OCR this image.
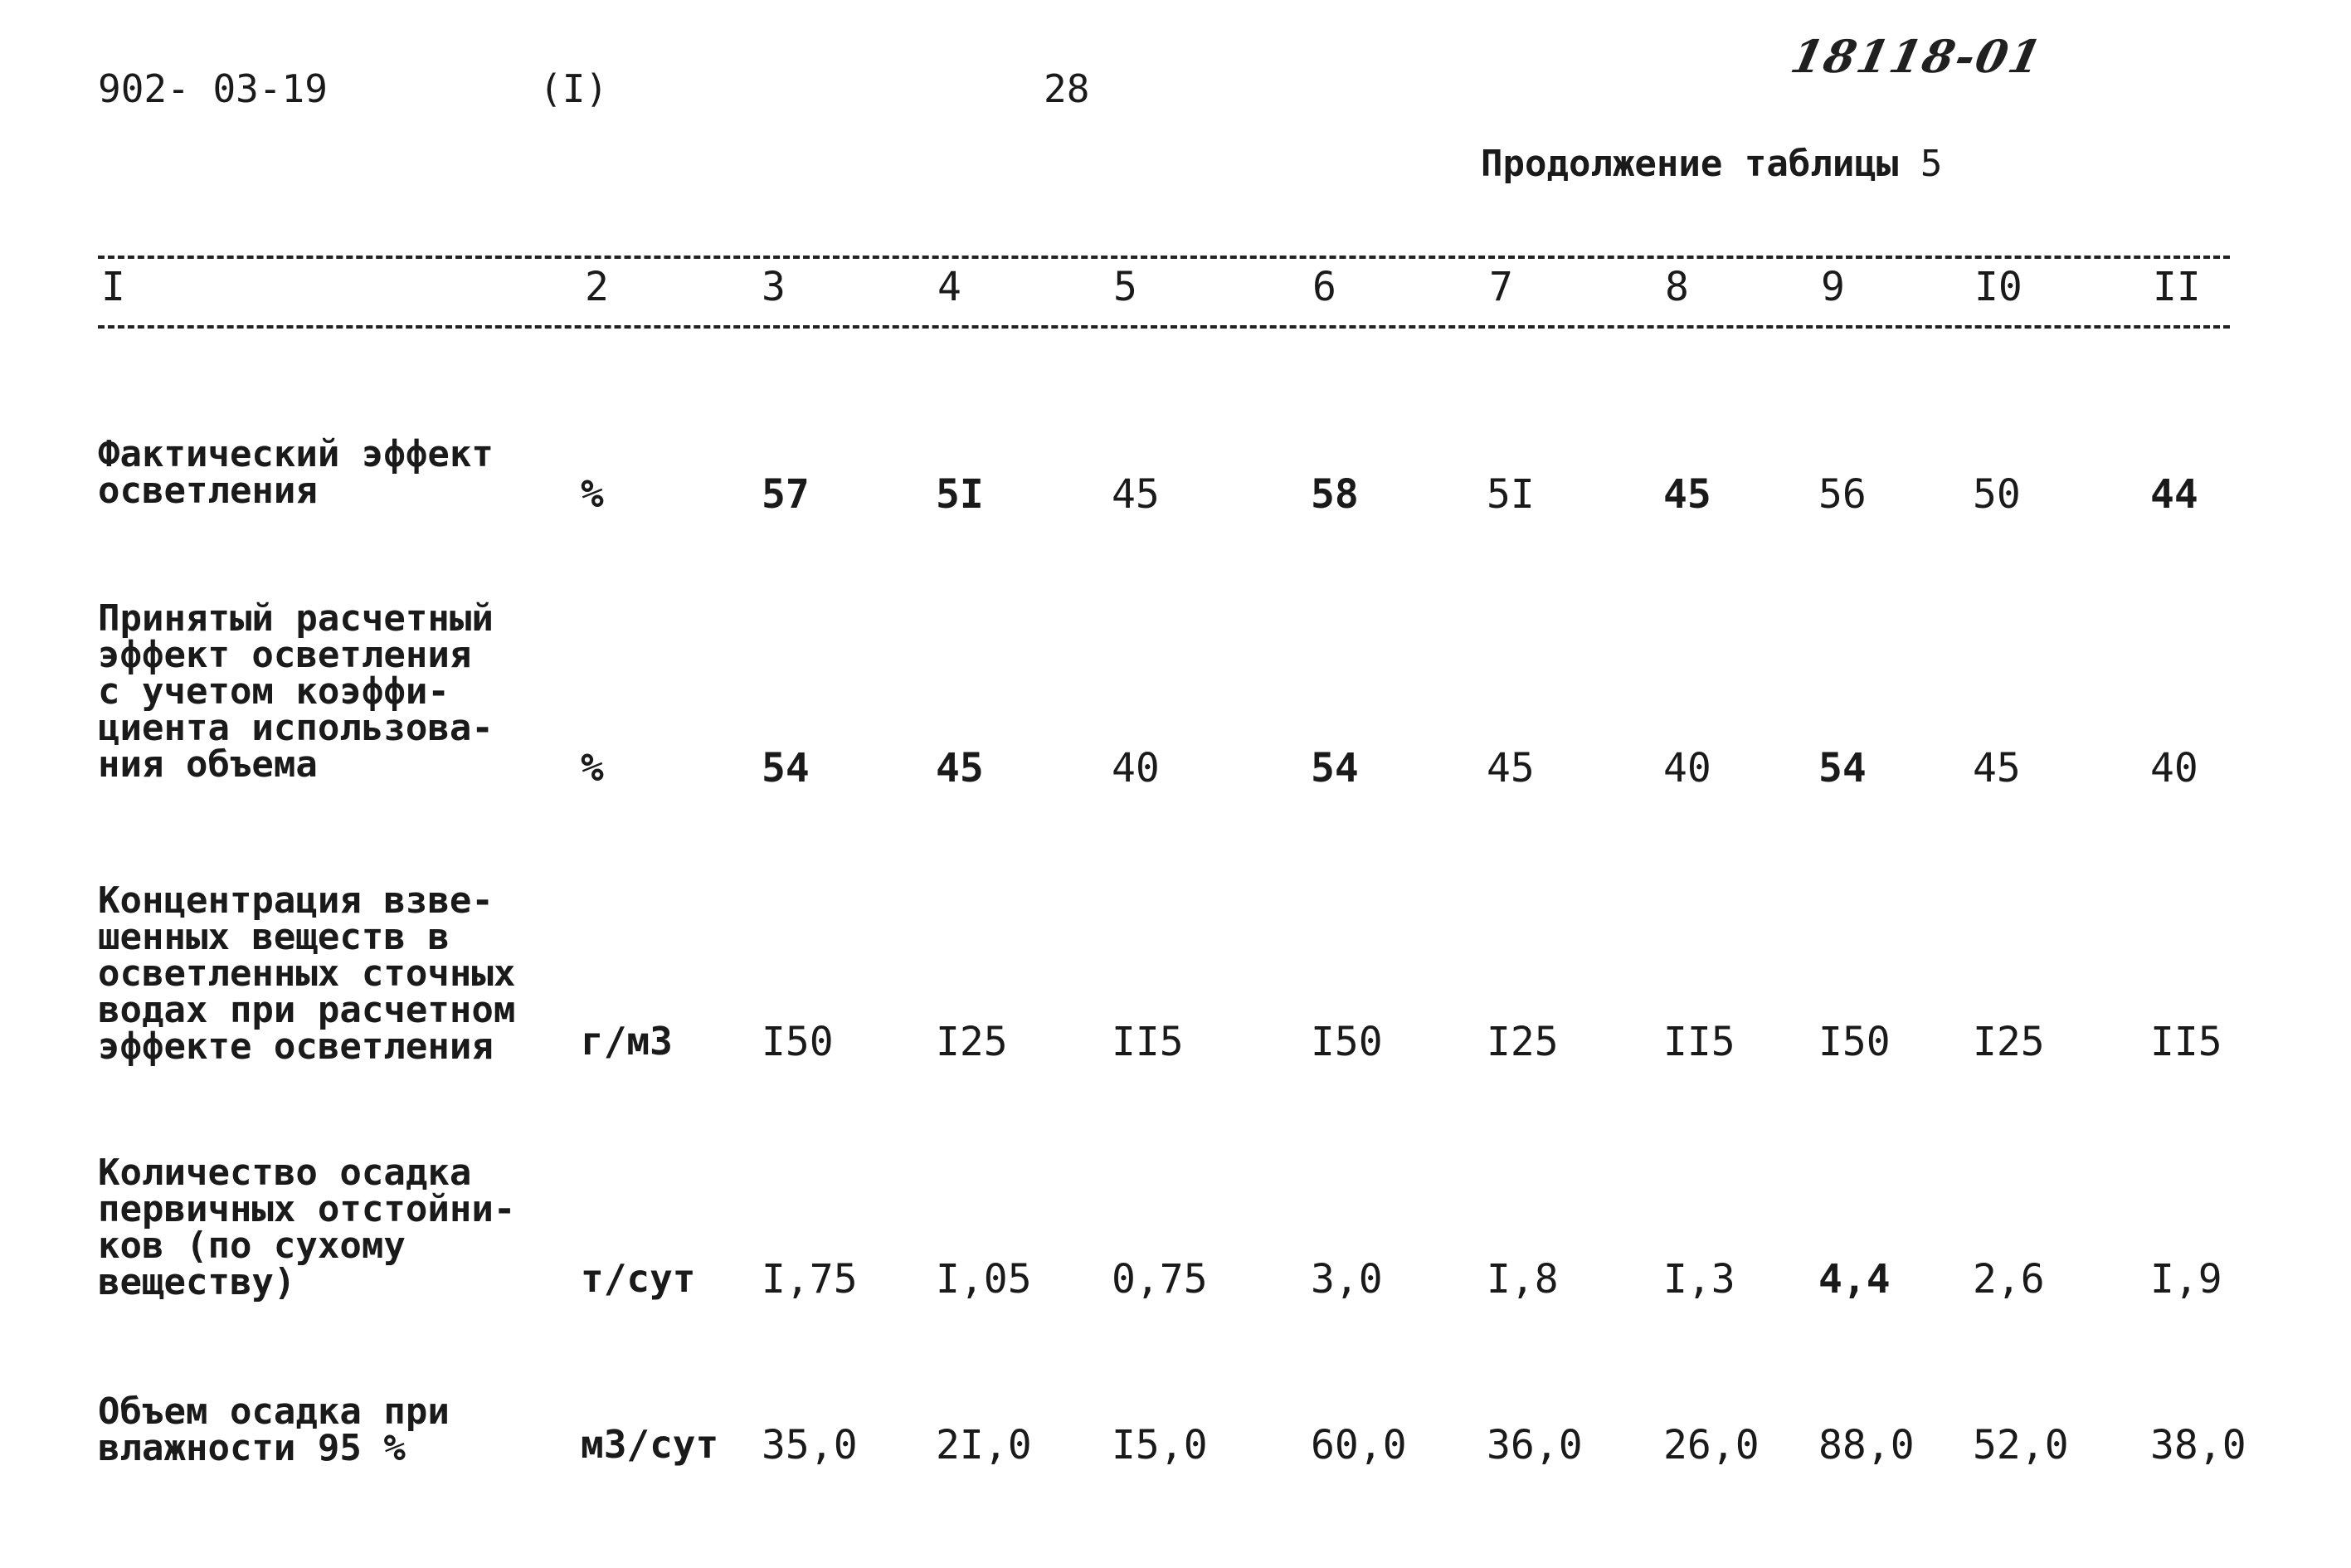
902- 03-19	(I)	28
18118-01
Продолжение таблицы 5
I	2	3	4	5	6	7	8	9	I0	II
Фактический эффект
осветления	%	57	5I	45	58	5I	45	56	50	44
Принятый расчетный
эффект осветления
с учетом коэффи-
циента использова-
ния объема	%	54	45	40	54	45	40	54	45	40
Концентрация взве-
шенных веществ в
осветленных сточных
водах при расчетном
эффекте осветления	г/м3 I50	I25	II5	I50	I25	II5 I50 I25	II5
Количество осадка
первичных отстойни-
ков (по сухому
веществу)	т/сут I,75 I,05 0,75	3,0	I,8	I,3 4,4 2,6	I,9
Объем осадка при
влажности 95 %	м3/сут 35,0 2I,0 I5,0	60,0 36,0 26,0 88,0 52,0 38,0
